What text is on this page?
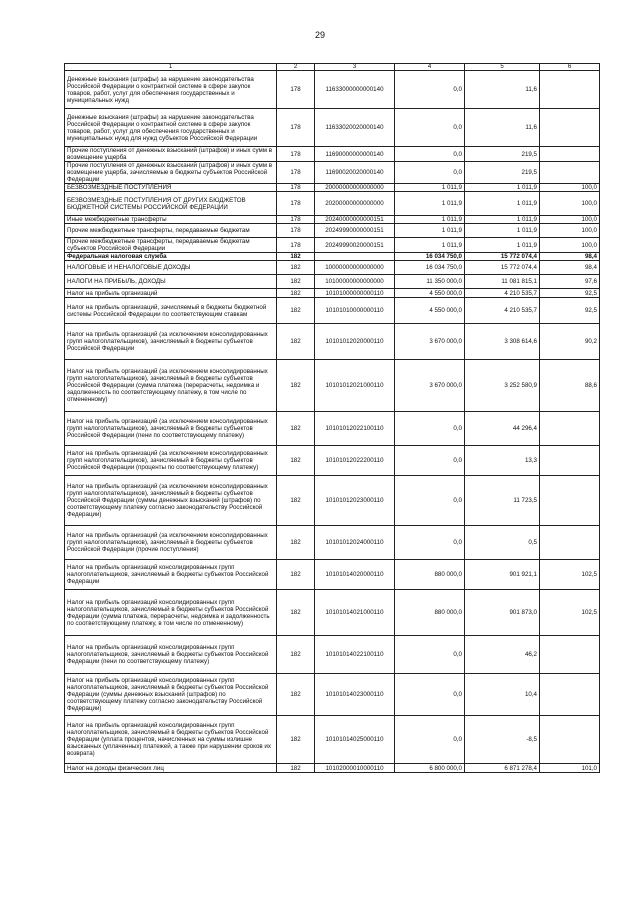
29
1	2	3	4	5	6
Денежные взыскания (штрафы) за нарушение законодательства Российской Федерации о контрактной системе в сфере закупок товаров, работ, услуг для обеспечения государственных и муниципальных нужд	178	11633000000000140	0,0	11,6	
Денежные взыскания (штрафы) за нарушение законодательства Российской Федерации о контрактной системе в сфере закупок товаров, работ, услуг для обеспечения государственных и муниципальных нужд для нужд субъектов Российской Федерации	178	11633020020000140	0,0	11,6	
Прочие поступления от денежных взысканий (штрафов) и иных сумм в возмещение ущерба	178	11690000000000140	0,0	219,5	
Прочие поступления от денежных взысканий (штрафов) и иных сумм в возмещение ущерба, зачисляемые в бюджеты субъектов Российской Федерации	178	11690020020000140	0,0	219,5	
БЕЗВОЗМЕЗДНЫЕ ПОСТУПЛЕНИЯ	178	20000000000000000	1 011,9	1 011,9	100,0
БЕЗВОЗМЕЗДНЫЕ ПОСТУПЛЕНИЯ ОТ ДРУГИХ БЮДЖЕТОВ БЮДЖЕТНОЙ СИСТЕМЫ РОССИЙСКОЙ ФЕДЕРАЦИИ	178	20200000000000000	1 011,9	1 011,9	100,0
Иные межбюджетные трансферты	178	20240000000000151	1 011,9	1 011,9	100,0
Прочие межбюджетные трансферты, передаваемые бюджетам	178	20249990000000151	1 011,9	1 011,9	100,0
Прочие межбюджетные трансферты, передаваемые бюджетам субъектов Российской Федерации	178	20249990020000151	1 011,9	1 011,9	100,0
Федеральная налоговая служба	182		16 034 750,0	15 772 074,4	98,4
НАЛОГОВЫЕ И НЕНАЛОГОВЫЕ ДОХОДЫ	182	10000000000000000	16 034 750,0	15 772 074,4	98,4
НАЛОГИ НА ПРИБЫЛЬ, ДОХОДЫ	182	10100000000000000	11 350 000,0	11 081 815,1	97,6
Налог на прибыль организаций	182	10101000000000110	4 550 000,0	4 210 535,7	92,5
Налог на прибыль организаций, зачисляемый в бюджеты бюджетной системы Российской Федерации по соответствующим ставкам	182	10101010000000110	4 550 000,0	4 210 535,7	92,5
Налог на прибыль организаций (за исключением консолидированных групп налогоплательщиков), зачисляемый в бюджеты субъектов Российской Федерации	182	10101012020000110	3 670 000,0	3 308 614,6	90,2
Налог на прибыль организаций (за исключением консолидированных групп налогоплательщиков), зачисляемый в бюджеты субъектов Российской Федерации (сумма платежа (перерасчеты, недоимка и задолженность по соответствующему платежу, в том числе по отмененному)	182	10101012021000110	3 670 000,0	3 252 580,9	88,6
Налог на прибыль организаций (за исключением консолидированных групп налогоплательщиков), зачисляемый в бюджеты субъектов Российской Федерации (пени по соответствующему платежу)	182	10101012022100110	0,0	44 296,4	
Налог на прибыль организаций (за исключением консолидированных групп налогоплательщиков), зачисляемый в бюджеты субъектов Российской Федерации (проценты по соответствующему платежу)	182	10101012022200110	0,0	13,3	
Налог на прибыль организаций (за исключением консолидированных групп налогоплательщиков), зачисляемый в бюджеты субъектов Российской Федерации (суммы денежных взысканий (штрафов) по соответствующему платежу согласно законодательству Российской Федерации)	182	10101012023000110	0,0	11 723,5	
Налог на прибыль организаций (за исключением консолидированных групп налогоплательщиков), зачисляемый в бюджеты субъектов Российской Федерации (прочие поступления)	182	10101012024000110	0,0	0,5	
Налог на прибыль организаций консолидированных групп налогоплательщиков, зачисляемый в бюджеты субъектов Российской Федерации	182	10101014020000110	880 000,0	901 921,1	102,5
Налог на прибыль организаций консолидированных групп налогоплательщиков, зачисляемый в бюджеты субъектов Российской Федерации (сумма платежа, перерасчеты, недоимка и задолженность по соответствующему платежу, в том числе по отмененному)	182	10101014021000110	880 000,0	901 873,0	102,5
Налог на прибыль организаций консолидированных групп налогоплательщиков, зачисляемый в бюджеты субъектов Российской Федерации (пени по соответствующему платежу)	182	10101014022100110	0,0	46,2	
Налог на прибыль организаций консолидированных групп налогоплательщиков, зачисляемый в бюджеты субъектов Российской Федерации (суммы денежных взысканий (штрафов) по соответствующему платежу согласно законодательству Российской Федерации)	182	10101014023000110	0,0	10,4	
Налог на прибыль организаций консолидированных групп налогоплательщиков, зачисляемый в бюджеты субъектов Российской Федерации (уплата процентов, начисленных на суммы излишне взысканных (уплаченных) платежей, а также при нарушении сроков их возврата)	182	10101014025000110	0,0	-8,5	
Налог на доходы физических лиц	182	10102000010000110	6 800 000,0	6 871 278,4	101,0
